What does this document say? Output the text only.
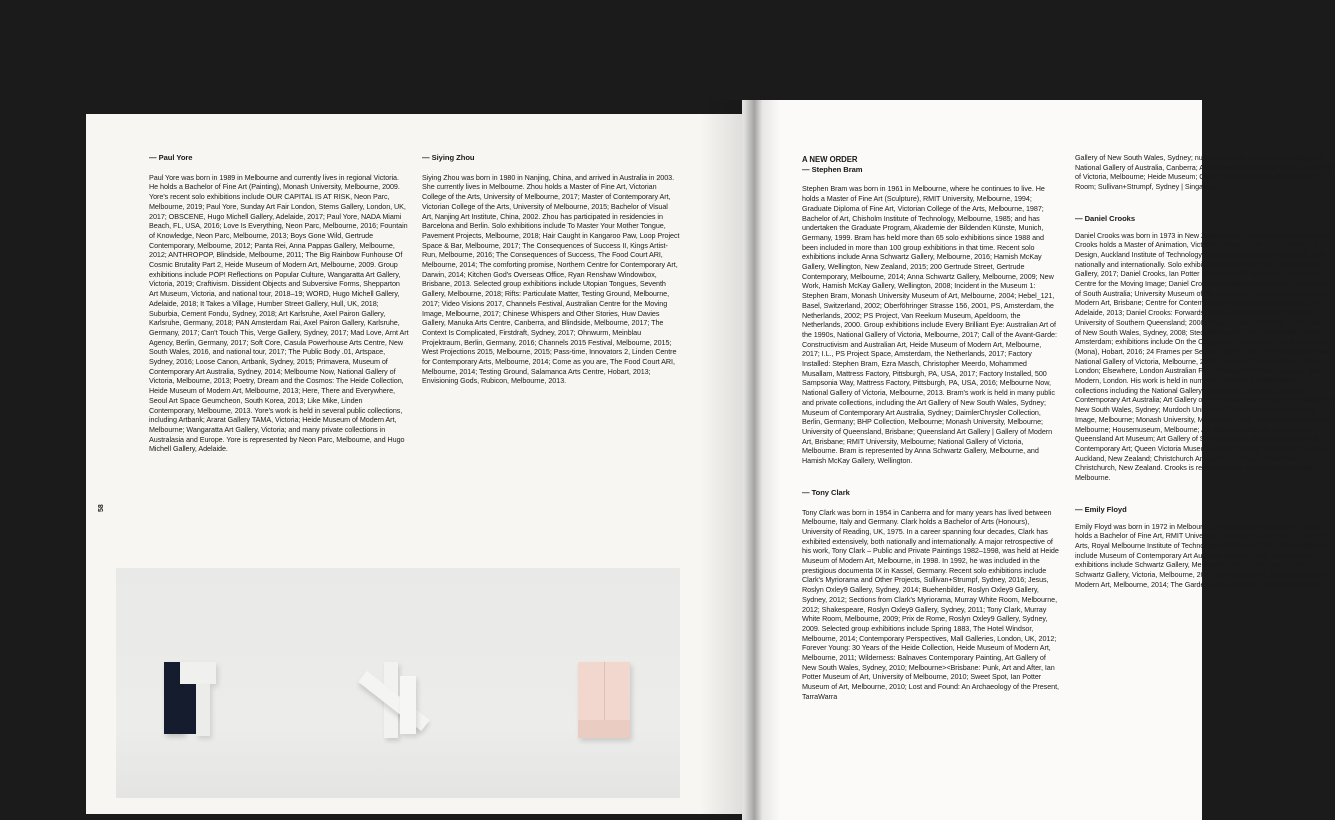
— Paul Yore

Paul Yore was born in 1989 in Melbourne and currently lives in regional Victoria. He holds a Bachelor of Fine Art (Painting), Monash University, Melbourne, 2009. Yore's recent solo exhibitions include OUR CAPITAL IS AT RISK, Neon Parc, Melbourne, 2019; Paul Yore, Sunday Art Fair London, Stems Gallery, London, UK, 2017; OBSCENE, Hugo Michell Gallery, Adelaide, 2017; Paul Yore, NADA Miami Beach, FL, USA, 2016; Love Is Everything, Neon Parc, Melbourne, 2016; Fountain of Knowledge, Neon Parc, Melbourne, 2013; Boys Gone Wild, Gertrude Contemporary, Melbourne, 2012; Panta Rei, Anna Pappas Gallery, Melbourne, 2012; ANTHROPOP, Blindside, Melbourne, 2011; The Big Rainbow Funhouse Of Cosmic Brutality Part 2, Heide Museum of Modern Art, Melbourne, 2009. Group exhibitions include POP! Reflections on Popular Culture, Wangaratta Art Gallery, Victoria, 2019; Craftivism. Dissident Objects and Subversive Forms, Shepparton Art Museum, Victoria, and national tour, 2018–19; WORD, Hugo Michell Gallery, Adelaide, 2018; It Takes a Village, Humber Street Gallery, Hull, UK, 2018; Suburbia, Cement Fondu, Sydney, 2018; Art Karlsruhe, Axel Pairon Gallery, Karlsruhe, Germany, 2018; PAN Amsterdam Rai, Axel Pairon Gallery, Karlsruhe, Germany, 2017; Can't Touch This, Verge Gallery, Sydney, 2017; Mad Love, Arnt Art Agency, Berlin, Germany, 2017; Soft Core, Casula Powerhouse Arts Centre, New South Wales, 2016, and national tour, 2017; The Public Body .01, Artspace, Sydney, 2016; Loose Canon, Artbank, Sydney, 2015; Primavera, Museum of Contemporary Art Australia, Sydney, 2014; Melbourne Now, National Gallery of Victoria, Melbourne, 2013; Poetry, Dream and the Cosmos: The Heide Collection, Heide Museum of Modern Art, Melbourne, 2013; Here, There and Everywhere, Seoul Art Space Geumcheon, South Korea, 2013; Like Mike, Linden Contemporary, Melbourne, 2013. Yore's work is held in several public collections, including Artbank; Ararat Gallery TAMA, Victoria; Heide Museum of Modern Art, Melbourne; Wangaratta Art Gallery, Victoria; and many private collections in Australasia and Europe. Yore is represented by Neon Parc, Melbourne, and Hugo Michell Gallery, Adelaide.

— Siying Zhou

Siying Zhou was born in 1980 in Nanjing, China, and arrived in Australia in 2003. She currently lives in Melbourne. Zhou holds a Master of Fine Art, Victorian College of the Arts, University of Melbourne, 2017; Master of Contemporary Art, Victorian College of the Arts, University of Melbourne, 2015; Bachelor of Visual Art, Nanjing Art Institute, China, 2002. Zhou has participated in residencies in Barcelona and Berlin. Solo exhibitions include To Master Your Mother Tongue, Pavement Projects, Melbourne, 2018; Hair Caught in Kangaroo Paw, Loop Project Space & Bar, Melbourne, 2017; The Consequences of Success II, Kings Artist-Run, Melbourne, 2016; The Consequences of Success, The Food Court ARI, Melbourne, 2014; The comforting promise, Northern Centre for Contemporary Art, Darwin, 2014; Kitchen God's Overseas Office, Ryan Renshaw Windowbox, Brisbane, 2013. Selected group exhibitions include Utopian Tongues, Seventh Gallery, Melbourne, 2018; Rifts: Particulate Matter, Testing Ground, Melbourne, 2017; Video Visions 2017, Channels Festival, Australian Centre for the Moving Image, Melbourne, 2017; Chinese Whispers and Other Stories, Huw Davies Gallery, Manuka Arts Centre, Canberra, and Blindside, Melbourne, 2017; The Context Is Complicated, Firstdraft, Sydney, 2017; Ohnwurm, Meinblau Projektraum, Berlin, Germany, 2016; Channels 2015 Festival, Melbourne, 2015; West Projections 2015, Melbourne, 2015; Pass-time, Innovators 2, Linden Centre for Contemporary Arts, Melbourne, 2014; Come as you are, The Food Court ARI, Melbourne, 2014; Testing Ground, Salamanca Arts Centre, Hobart, 2013; Envisioning Gods, Rubicon, Melbourne, 2013.

58

A NEW ORDER

— Stephen Bram

Stephen Bram was born in 1961 in Melbourne, where he continues to live. He holds a Master of Fine Art (Sculpture), RMIT University, Melbourne, 1994; Graduate Diploma of Fine Art, Victorian College of the Arts, Melbourne, 1987; Bachelor of Art, Chisholm Institute of Technology, Melbourne, 1985; and has undertaken the Graduate Program, Akademie der Bildenden Künste, Munich, Germany, 1999. Bram has held more than 65 solo exhibitions since 1988 and been included in more than 100 group exhibitions in that time. Recent solo exhibitions include Anna Schwartz Gallery, Melbourne, 2016; Hamish McKay Gallery, Wellington, New Zealand, 2015; 200 Gertrude Street, Gertrude Contemporary, Melbourne, 2014; Anna Schwartz Gallery, Melbourne, 2009; New Work, Hamish McKay Gallery, Wellington, 2008; Incident in the Museum 1: Stephen Bram, Monash University Museum of Art, Melbourne, 2004; Hebel_121, Basel, Switzerland, 2002; Oberföhringer Strasse 156, 2001, PS, Amsterdam, the Netherlands, 2002; PS Project, Van Reekum Museum, Apeldoorn, the Netherlands, 2000. Group exhibitions include Every Brilliant Eye: Australian Art of the 1990s, National Gallery of Victoria, Melbourne, 2017; Call of the Avant-Garde: Constructivism and Australian Art, Heide Museum of Modern Art, Melbourne, 2017; I.L., PS Project Space, Amsterdam, the Netherlands, 2017; Factory Installed: Stephen Bram, Ezra Masch, Christopher Meerdo, Mohammed Musallam, Mattress Factory, Pittsburgh, PA, USA, 2017; Factory Installed, 500 Sampsonia Way, Mattress Factory, Pittsburgh, PA, USA, 2016; Melbourne Now, National Gallery of Victoria, Melbourne, 2013. Bram's work is held in many public and private collections, including the Art Gallery of New South Wales, Sydney; Museum of Contemporary Art Australia, Sydney; DaimlerChrysler Collection, Berlin, Germany; BHP Collection, Melbourne; Monash University, Melbourne; University of Queensland, Brisbane; Queensland Art Gallery | Gallery of Modern Art, Brisbane; RMIT University, Melbourne; National Gallery of Victoria, Melbourne. Bram is represented by Anna Schwartz Gallery, Melbourne, and Hamish McKay Gallery, Wellington.

— Tony Clark

Tony Clark was born in 1954 in Canberra and for many years has lived between Melbourne, Italy and Germany. Clark holds a Bachelor of Arts (Honours), University of Reading, UK, 1975. In a career spanning four decades, Clark has exhibited extensively, both nationally and internationally. A major retrospective of his work, Tony Clark – Public and Private Paintings 1982–1998, was held at Heide Museum of Modern Art, Melbourne, in 1998. In 1992, he was included in the prestigious documenta IX in Kassel, Germany. Recent solo exhibitions include Clark's Myrioramа and Other Projects, Sullivan+Strumpf, Sydney, 2016; Jesus, Roslyn Oxley9 Gallery, Sydney, 2014; Buehenbilder, Roslyn Oxley9 Gallery, Sydney, 2012; Sections from Clark's Myriorama, Murray White Room, Melbourne, 2012; Shakespeare, Roslyn Oxley9 Gallery, Sydney, 2011; Tony Clark, Murray White Room, Melbourne, 2009; Prix de Rome, Roslyn Oxley9 Gallery, Sydney, 2009. Selected group exhibitions include Spring 1883, The Hotel Windsor, Melbourne, 2014; Contemporary Perspectives, Mall Galleries, London, UK, 2012; Forever Young: 30 Years of the Heide Collection, Heide Museum of Modern Art, Melbourne, 2011; Wilderness: Balnaves Contemporary Painting, Art Gallery of New South Wales, Sydney, 2010; Melbourne><Brisbane: Punk, Art and After, Ian Potter Museum of Art, University of Melbourne, 2010; Sweet Spot, Ian Potter Museum of Art, Melbourne, 2010; Lost and Found: An Archaeology of the Present, TarraWarra

Gallery of New South Wales, Sydney; numerous public collections including the National Gallery of Australia, Canberra; Art Gallery of New South Wales; University of Victoria, Melbourne; Heide Museum; Clark is represented by Murray White Room; Sullivan+Strumpf, Sydney | Singapore.

— Daniel Crooks

Daniel Crooks was born in 1973 in New Zealand and currently lives in Melbourne. Crooks holds a Master of Animation, Victorian College of the Arts; Bachelor of Design, Auckland Institute of Technology. Crooks has exhibited extensively, both nationally and internationally. Solo exhibitions include Parabolic, Anna Schwartz Gallery, 2017; Daniel Crooks, Ian Potter Museum of Art, Melbourne; Australian Centre for the Moving Image; Daniel Crooks, Samstag Museum of Art, University of South Australia; University Museum of Art, Melbourne; Queensland Institute of Modern Art, Brisbane; Centre for Contemporary Photography, Melbourne, 2007; Adelaide, 2013; Daniel Crooks: Forwards, One Frame Backwards; Sharpen, University of Southern Queensland; 2008; Daniel Crooks: Train No. 1, Art Gallery of New South Wales, Sydney, 2008; Stedelijk Museum; van Beeldende Kunsten, Amsterdam; exhibitions include On the Origin of Art, Museum of Old and New Art (Mona), Hobart, 2016; 24 Frames per Second, Melbourne, 2015; Melbourne Now, National Gallery of Victoria, Melbourne, 2013; Australia, Royal Academy of Arts, London; Elsewhere, London Australian Film Festival; 2010 Move on Asia, Tate Modern, London. His work is held in numerous national and international collections including the National Gallery of Australia, Canberra; Museum of Contemporary Art Australia; Art Gallery of New South Wales, Sydney; Art Gallery of New South Wales, Sydney; Murdoch University, Perth; Centre for the Moving Image, Melbourne; Monash University, Melbourne; Heide Museum of Modern Art, Melbourne; Housemuseum, Melbourne; Art Gallery of Ballarat; University of Queensland Art Museum; Art Gallery of South Australia, Adelaide; Museum of Contemporary Art; Queen Victoria Museum and Art Gallery; Chartwell Collection, Auckland, New Zealand; Christchurch Art Gallery Te Puna o Waiwhetū, Christchurch, New Zealand. Crooks is represented by Anna Schwartz Gallery, Melbourne.

— Emily Floyd

Emily Floyd was born in 1972 in Melbourne, where she continues to live. Floyd holds a Bachelor of Fine Art, RMIT University, Melbourne, 1999, and Bachelor of Arts, Royal Melbourne Institute of Technology, Melbourne, 1992. Solo exhibitions include Museum of Contemporary Art Australia, Sydney, 2000, and her solo exhibitions include Schwartz Gallery, Melbourne, 2016; Emily Floyd, Anna Schwartz Gallery, Victoria, Melbourne, 2014; Far From Home, Heide Museum of Modern Art, Melbourne, 2014; The Garden, Anna Schwartz Gallery, Melbourne.
